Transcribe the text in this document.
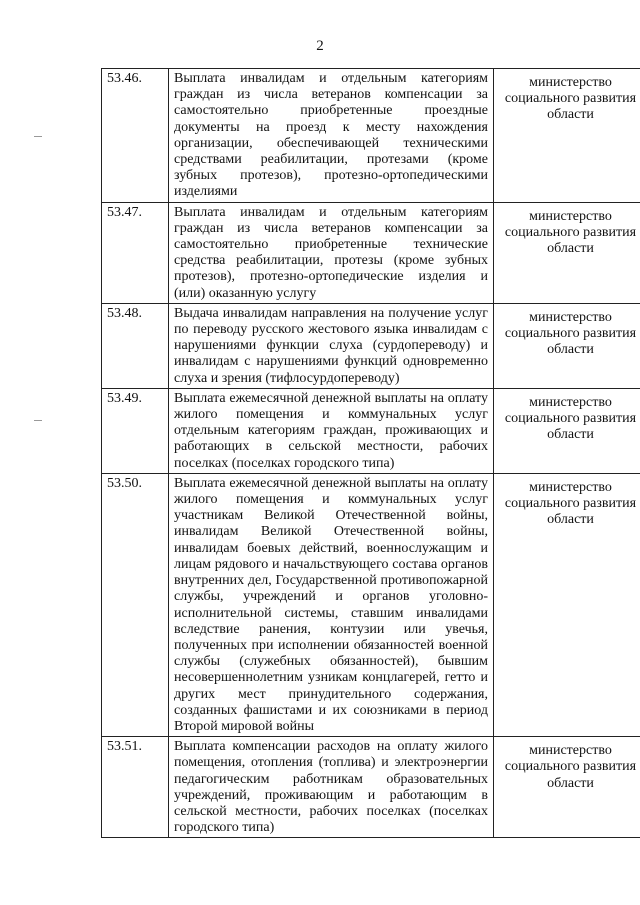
2
53.46.	Выплата инвалидам и отдельным категориям граждан из числа ветеранов компенсации за самостоятельно приобретенные проездные документы на проезд к месту нахождения организации, обеспечивающей техническими средствами реабилитации, протезами (кроме зубных протезов), протезно-ортопедическими изделиями	министерство социального развития области

53.47.	Выплата инвалидам и отдельным категориям граждан из числа ветеранов компенсации за самостоятельно приобретенные технические средства реабилитации, протезы (кроме зубных протезов), протезно-ортопедические изделия и (или) оказанную услугу	министерство социального развития области

53.48.	Выдача инвалидам направления на получение услуг по переводу русского жестового языка инвалидам с нарушениями функции слуха (сурдопереводу) и инвалидам с нарушениями функций одновременно слуха и зрения (тифлосурдопереводу)	министерство социального развития области

53.49.	Выплата ежемесячной денежной выплаты на оплату жилого помещения и коммунальных услуг отдельным категориям граждан, проживающих и работающих в сельской местности, рабочих поселках (поселках городского типа)	министерство социального развития области

53.50.	Выплата ежемесячной денежной выплаты на оплату жилого помещения и коммунальных услуг участникам Великой Отечественной войны, инвалидам Великой Отечественной войны, инвалидам боевых действий, военнослужащим и лицам рядового и начальствующего состава органов внутренних дел, Государственной противопожарной службы, учреждений и органов уголовно-исполнительной системы, ставшим инвалидами вследствие ранения, контузии или увечья, полученных при исполнении обязанностей военной службы (служебных обязанностей), бывшим несовершеннолетним узникам концлагерей, гетто и других мест принудительного содержания, созданных фашистами и их союзниками в период Второй мировой войны	министерство социального развития области

53.51.	Выплата компенсации расходов на оплату жилого помещения, отопления (топлива) и электроэнергии педагогическим работникам образовательных учреждений, проживающим и работающим в сельской местности, рабочих поселках (поселках городского типа)	министерство социального развития области
